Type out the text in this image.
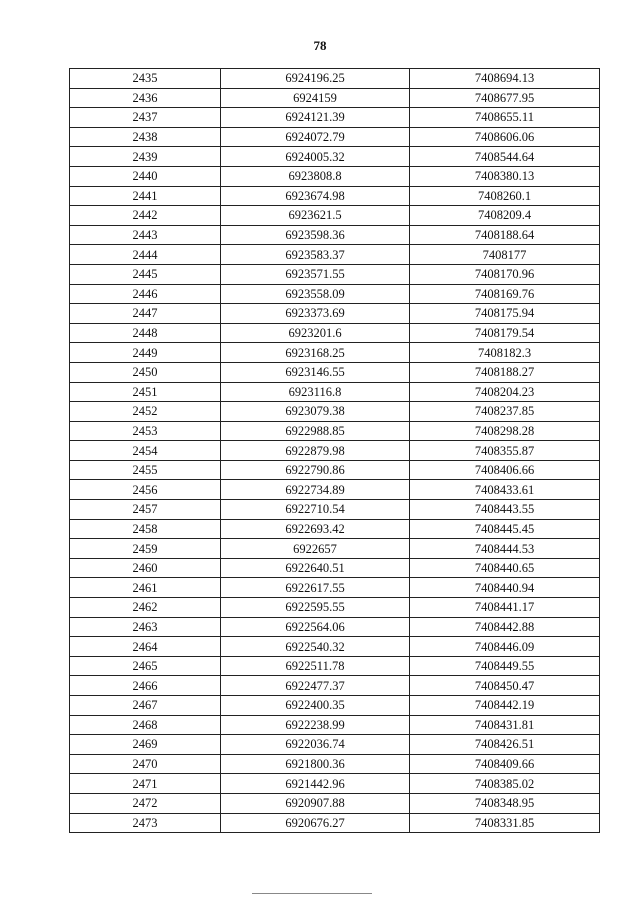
78
2435	6924196.25	7408694.13
2436	6924159	7408677.95
2437	6924121.39	7408655.11
2438	6924072.79	7408606.06
2439	6924005.32	7408544.64
2440	6923808.8	7408380.13
2441	6923674.98	7408260.1
2442	6923621.5	7408209.4
2443	6923598.36	7408188.64
2444	6923583.37	7408177
2445	6923571.55	7408170.96
2446	6923558.09	7408169.76
2447	6923373.69	7408175.94
2448	6923201.6	7408179.54
2449	6923168.25	7408182.3
2450	6923146.55	7408188.27
2451	6923116.8	7408204.23
2452	6923079.38	7408237.85
2453	6922988.85	7408298.28
2454	6922879.98	7408355.87
2455	6922790.86	7408406.66
2456	6922734.89	7408433.61
2457	6922710.54	7408443.55
2458	6922693.42	7408445.45
2459	6922657	7408444.53
2460	6922640.51	7408440.65
2461	6922617.55	7408440.94
2462	6922595.55	7408441.17
2463	6922564.06	7408442.88
2464	6922540.32	7408446.09
2465	6922511.78	7408449.55
2466	6922477.37	7408450.47
2467	6922400.35	7408442.19
2468	6922238.99	7408431.81
2469	6922036.74	7408426.51
2470	6921800.36	7408409.66
2471	6921442.96	7408385.02
2472	6920907.88	7408348.95
2473	6920676.27	7408331.85
